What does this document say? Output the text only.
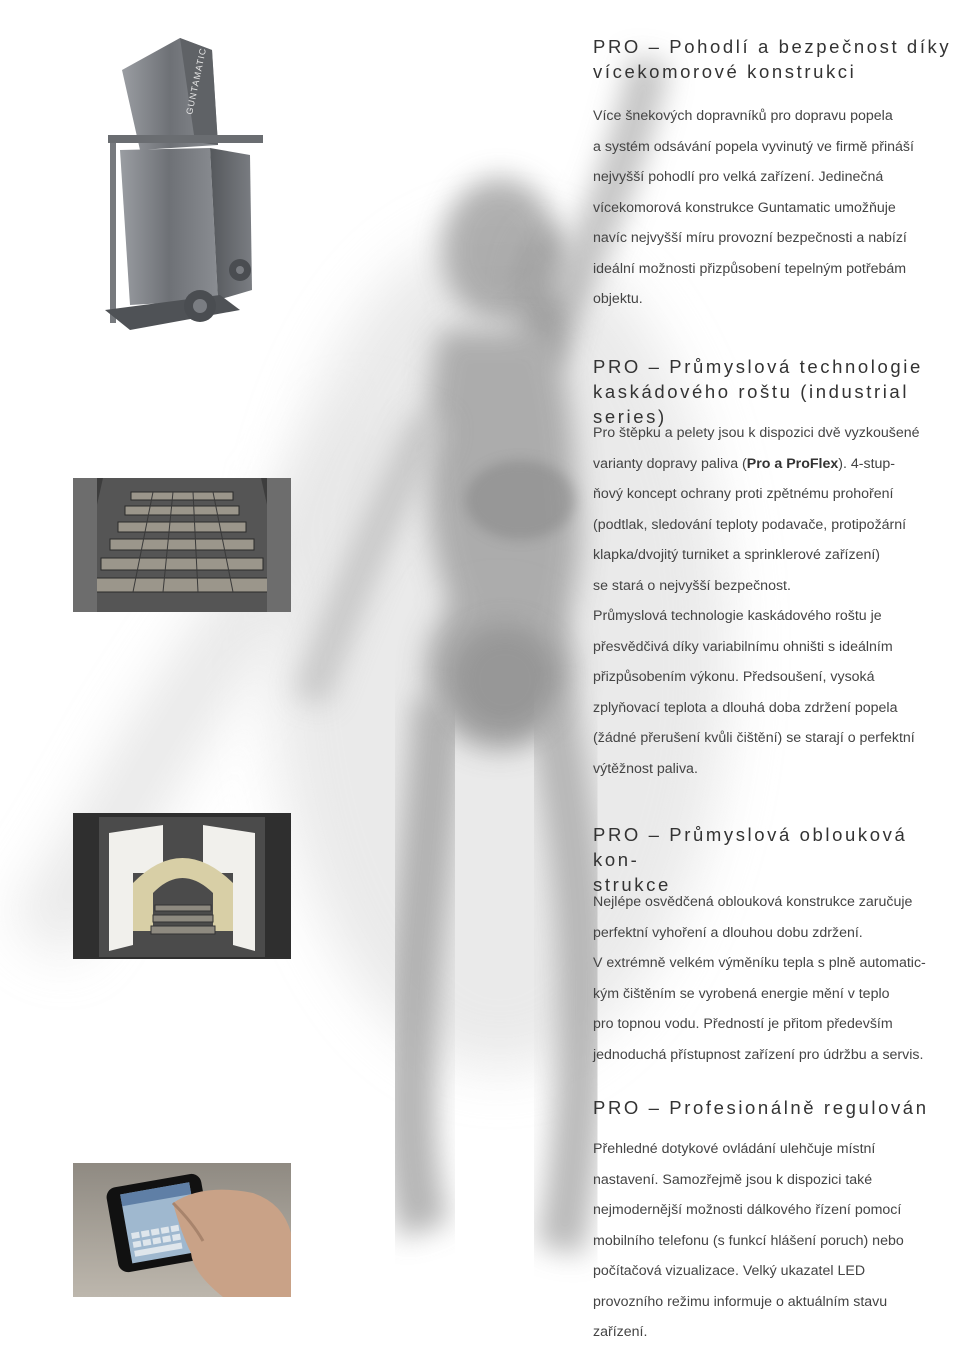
GUNTAMATIC
PRO – Pohodlí a bezpečnost díky
vícekomorové konstrukci

Více šnekových dopravníků pro dopravu popela
a systém odsávání popela vyvinutý ve firmě přináší
nejvyšší pohodlí pro velká zařízení. Jedinečná
vícekomorová konstrukce Guntamatic umožňuje
navíc nejvyšší míru provozní bezpečnosti a nabízí
ideální možnosti přizpůsobení tepelným potřebám
objektu.

PRO – Průmyslová technologie
kaskádového roštu (industrial series)

Pro štěpku a pelety jsou k dispozici dvě vyzkoušené
varianty dopravy paliva (Pro a ProFlex). 4-stup-
ňový koncept ochrany proti zpětnému prohoření
(podtlak, sledování teploty podavače, protipožární
klapka/dvojitý turniket a sprinklerové zařízení)
se stará o nejvyšší bezpečnost.
Průmyslová technologie kaskádového roštu je
přesvědčivá díky variabilnímu ohništi s ideálním
přizpůsobením výkonu. Předsoušení, vysoká
zplyňovací teplota a dlouhá doba zdržení popela
(žádné přerušení kvůli čištění) se starají o perfektní
výtěžnost paliva.

PRO – Průmyslová oblouková kon-
strukce

Nejlépe osvědčená oblouková konstrukce zaručuje
perfektní vyhoření a dlouhou dobu zdržení.
V extrémně velkém výměníku tepla s plně automatic-
kým čištěním se vyrobená energie mění v teplo
pro topnou vodu. Předností je přitom především
jednoduchá přístupnost zařízení pro údržbu a servis.

PRO – Profesionálně regulován

Přehledné dotykové ovládání ulehčuje místní
nastavení. Samozřejmě jsou k dispozici také
nejmodernější možnosti dálkového řízení pomocí
mobilního telefonu (s funkcí hlášení poruch) nebo
počítačová vizualizace. Velký ukazatel LED
provozního režimu informuje o aktuálním stavu
zařízení.
